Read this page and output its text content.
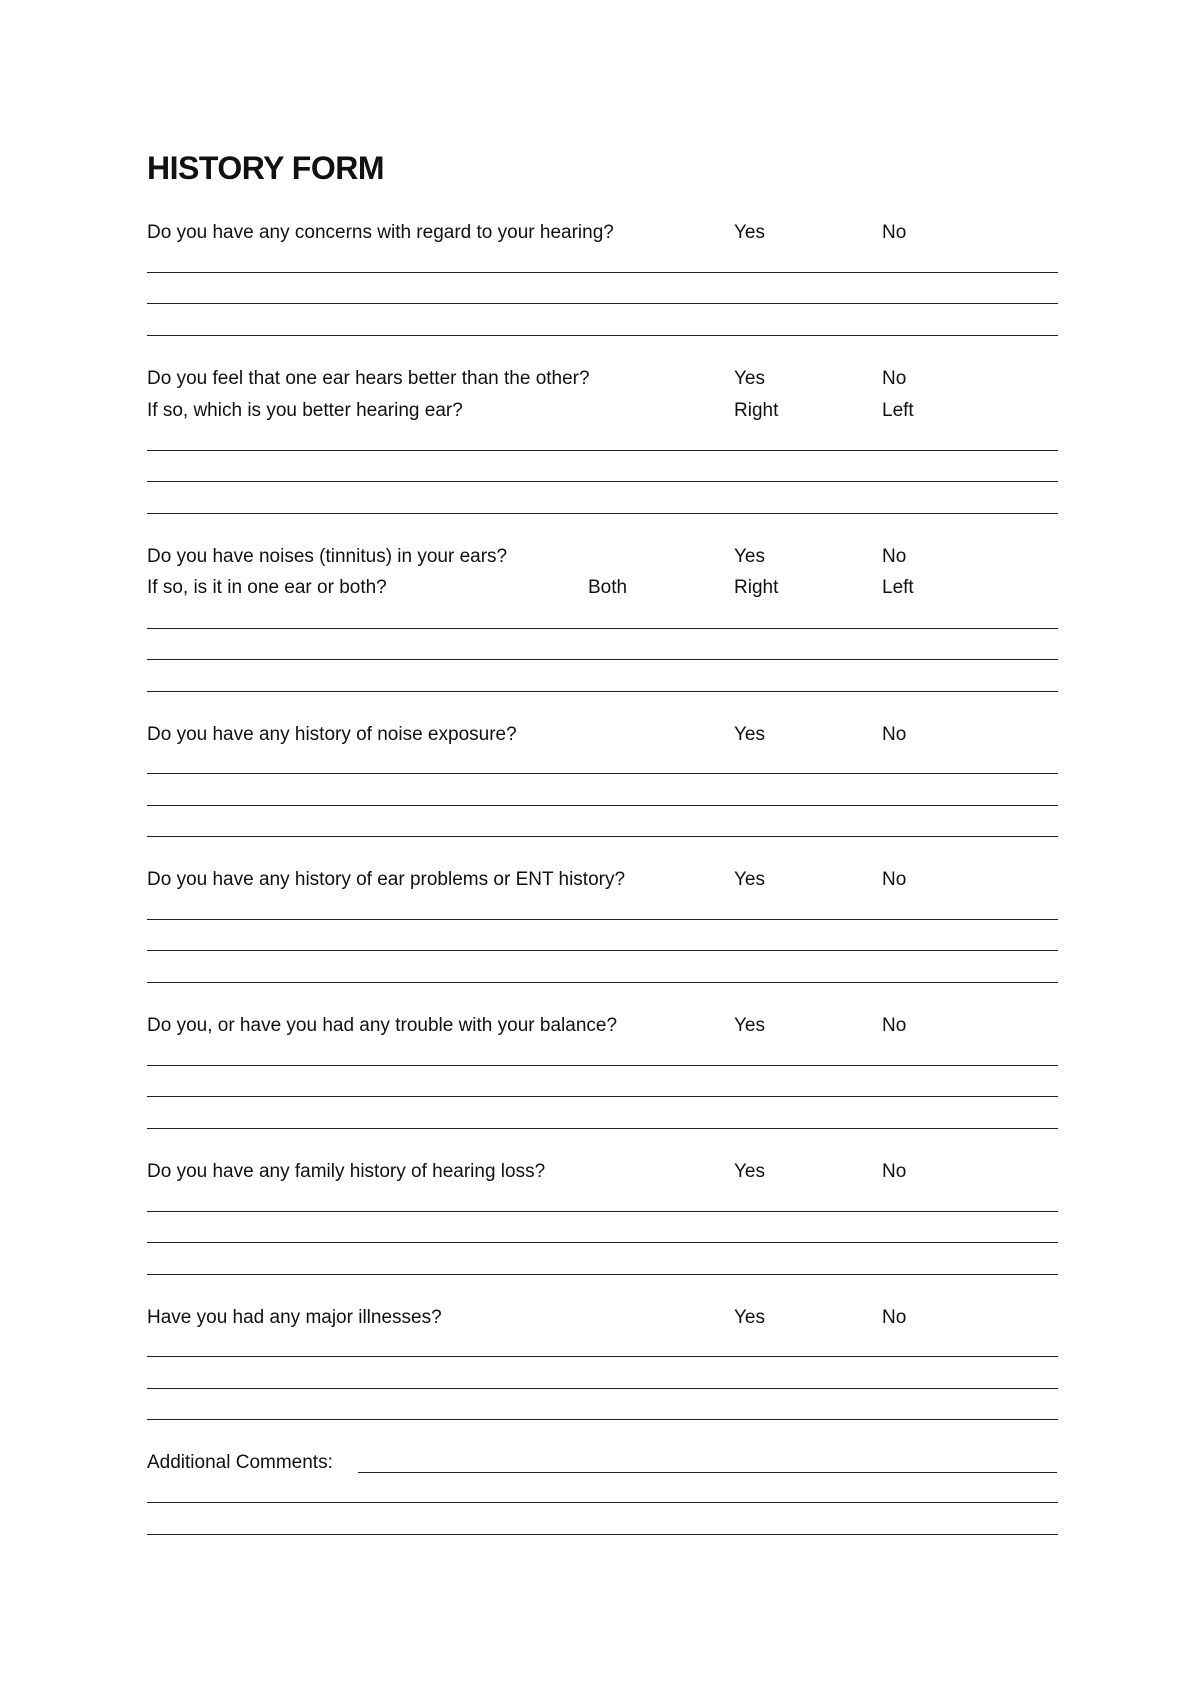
HISTORY FORM
Do you have any concerns with regard to your hearing?	Yes	No
Do you feel that one ear hears better than the other?	Yes	No
If so, which is you better hearing ear?	Right	Left
Do you have noises (tinnitus) in your ears?	Yes	No
If so, is it in one ear or both?	Both	Right	Left
Do you have any history of noise exposure?	Yes	No
Do you have any history of ear problems or ENT history?	Yes	No
Do you, or have you had any trouble with your balance?	Yes	No
Do you have any family history of hearing loss?	Yes	No
Have you had any major illnesses?	Yes	No
Additional Comments:
